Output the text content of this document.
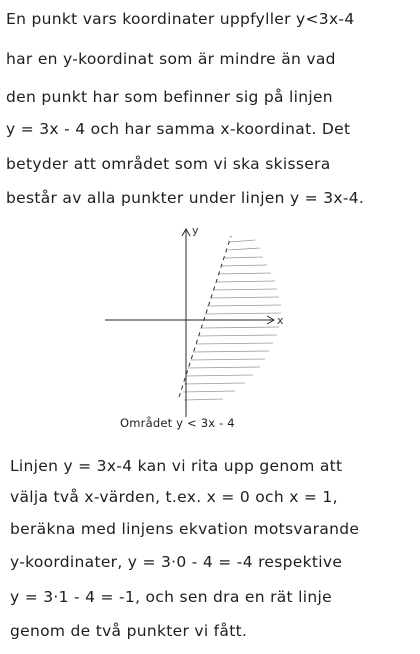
En punkt vars koordinater uppfyller y<3x-4
har en y-koordinat som är mindre än vad
den punkt har som befinner sig på linjen
y = 3x - 4 och har samma x-koordinat. Det
betyder att området som vi ska skissera
består av alla punkter under linjen y = 3x-4.
y
x
Området y < 3x - 4
Linjen y = 3x-4 kan vi rita upp genom att
välja två x-värden, t.ex. x = 0 och x = 1,
beräkna med linjens ekvation motsvarande
y-koordinater, y = 3·0 - 4 = -4 respektive
y = 3·1 - 4 = -1, och sen dra en rät linje
genom de två punkter vi fått.
